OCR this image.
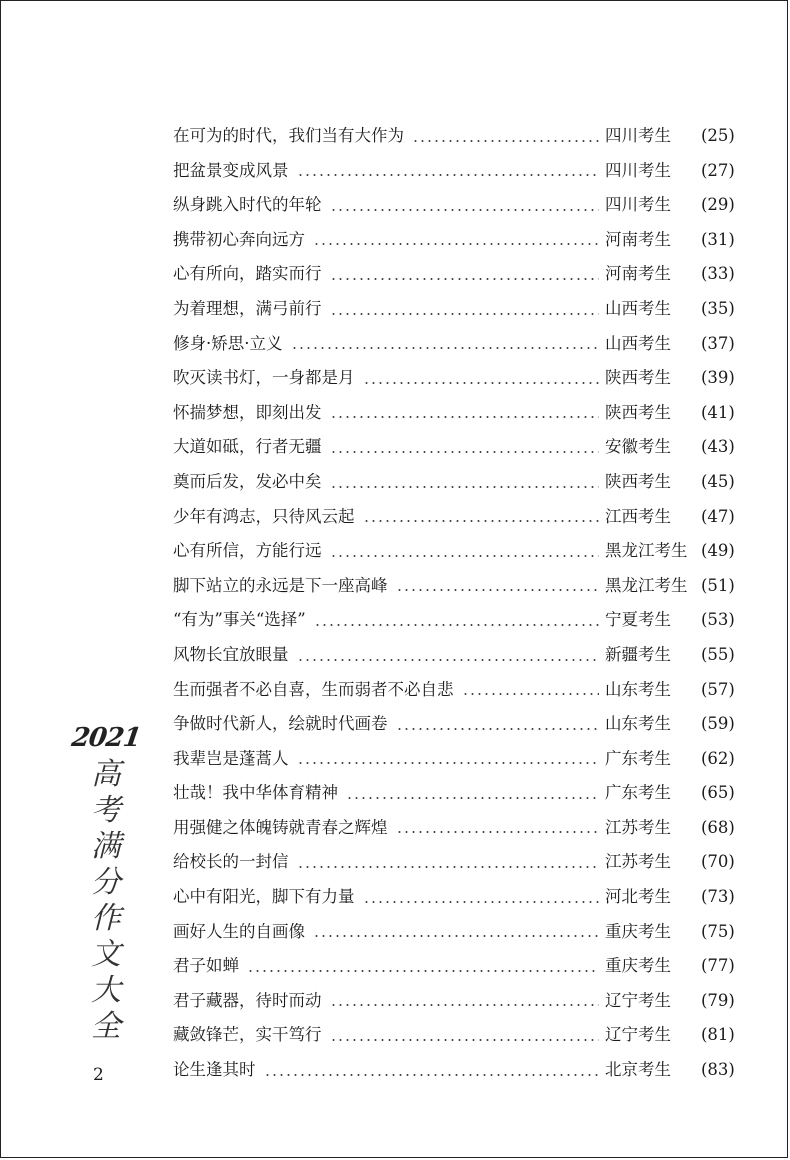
在可为的时代，我们当有大作为	四川考生	(25)
把盆景变成风景	四川考生	(27)
纵身跳入时代的年轮	四川考生	(29)
携带初心奔向远方	河南考生	(31)
心有所向，踏实而行	河南考生	(33)
为着理想，满弓前行	山西考生	(35)
修身·矫思·立义	山西考生	(37)
吹灭读书灯，一身都是月	陕西考生	(39)
怀揣梦想，即刻出发	陕西考生	(41)
大道如砥，行者无疆	安徽考生	(43)
奠而后发，发必中矣	陕西考生	(45)
少年有鸿志，只待风云起	江西考生	(47)
心有所信，方能行远	黑龙江考生 (49)
脚下站立的永远是下一座高峰	黑龙江考生 (51)
“有为”事关“选择”	宁夏考生	(53)
风物长宜放眼量	新疆考生	(55)
生而强者不必自喜，生而弱者不必自悲	山东考生	(57)
争做时代新人，绘就时代画卷	山东考生	(59)
我辈岂是蓬蒿人	广东考生	(62)
壮哉！我中华体育精神	广东考生	(65)
用强健之体魄铸就青春之辉煌	江苏考生	(68)
给校长的一封信	江苏考生	(70)
心中有阳光，脚下有力量	河北考生	(73)
画好人生的自画像	重庆考生	(75)
君子如蝉	重庆考生	(77)
君子藏器，待时而动	辽宁考生	(79)
藏敛锋芒，实干笃行	辽宁考生	(81)
论生逢其时	北京考生	(83)
2021
高
考
满
分
作
文
大
全
2
